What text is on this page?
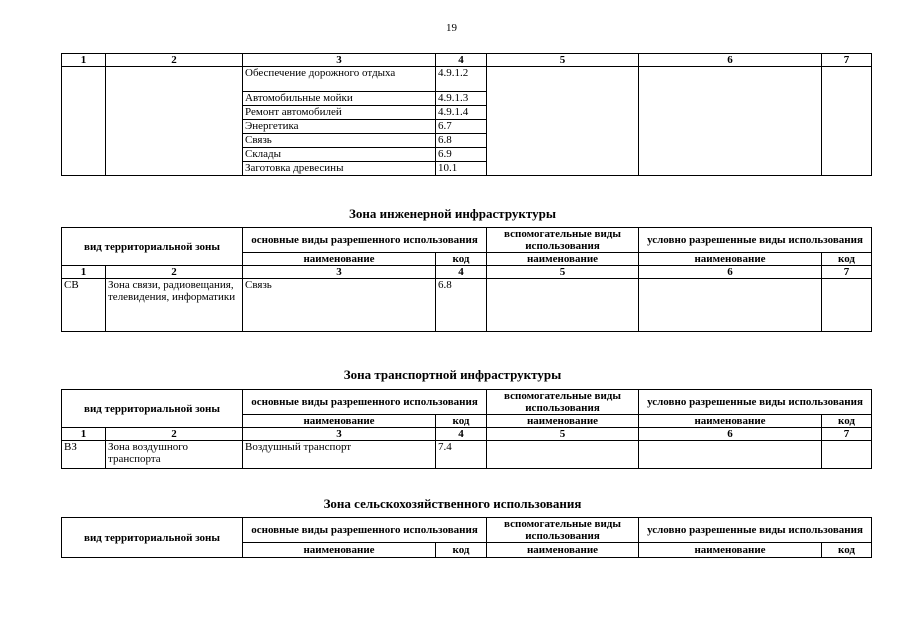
19
1	2	3	4	5	6	7
		Обеспечение дорожного отдыха	4.9.1.2			
		Автомобильные мойки	4.9.1.3			
		Ремонт автомобилей	4.9.1.4			
		Энергетика	6.7			
		Связь	6.8			
		Склады	6.9			
		Заготовка древесины	10.1			
Зона инженерной инфраструктуры
вид территориальной зоны		основные виды разрешенного использования		вспомогательные виды использования	условно разрешенные виды использования	
		наименование	код	наименование	наименование	код
1	2	3	4	5	6	7
СВ	Зона связи, радиовещания, телевидения, информатики	Связь	6.8			
Зона транспортной инфраструктуры
вид территориальной зоны		основные виды разрешенного использования		вспомогательные виды использования	условно разрешенные виды использования	
		наименование	код	наименование	наименование	код
1	2	3	4	5	6	7
ВЗ	Зона воздушного транспорта	Воздушный транспорт	7.4			
Зона сельскохозяйственного использования
вид территориальной зоны	основные виды разрешенного использования		вспомогательные виды использования	условно разрешенные виды использования	
	наименование	код	наименование	наименование	код
